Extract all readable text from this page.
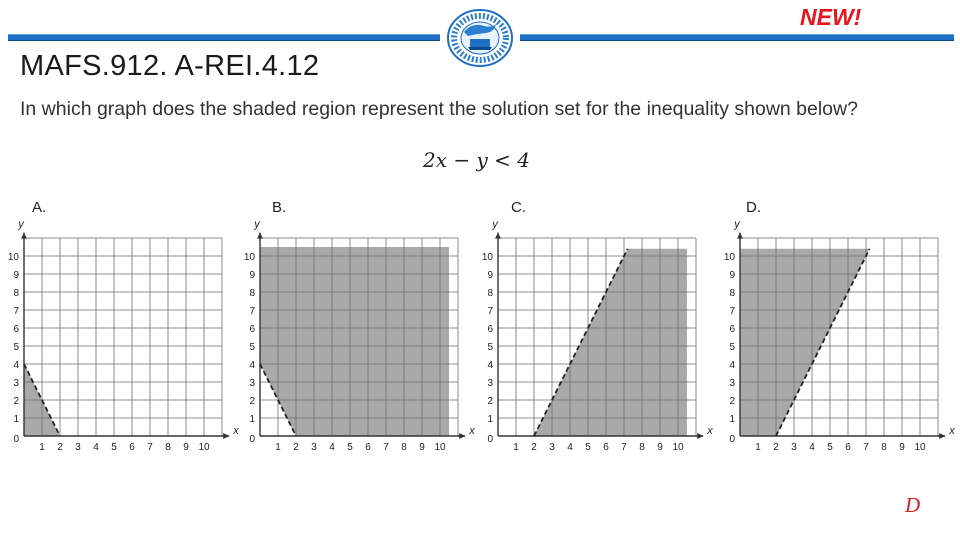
NEW!
MAFS.912. A-REI.4.12
In which graph does the shaded region represent the solution set for the inequality shown below?
2x − y < 4
A.	B.	C.	D.
1 2 3 4 5 6 7 8 9 10
1
2
3
4
5
6
7
8
9
10
0
x
y
1 2 3 4 5 6 7 8 9 10
1
2
3
4
5
6
7
8
9
10
0
x
y
1 2 3 4 5 6 7 8 9 10
1
2
3
4
5
6
7
8
9
10
0
x
y
1 2 3 4 5 6 7 8 9 10
1
2
3
4
5
6
7
8
9
10
0
x
y
D
